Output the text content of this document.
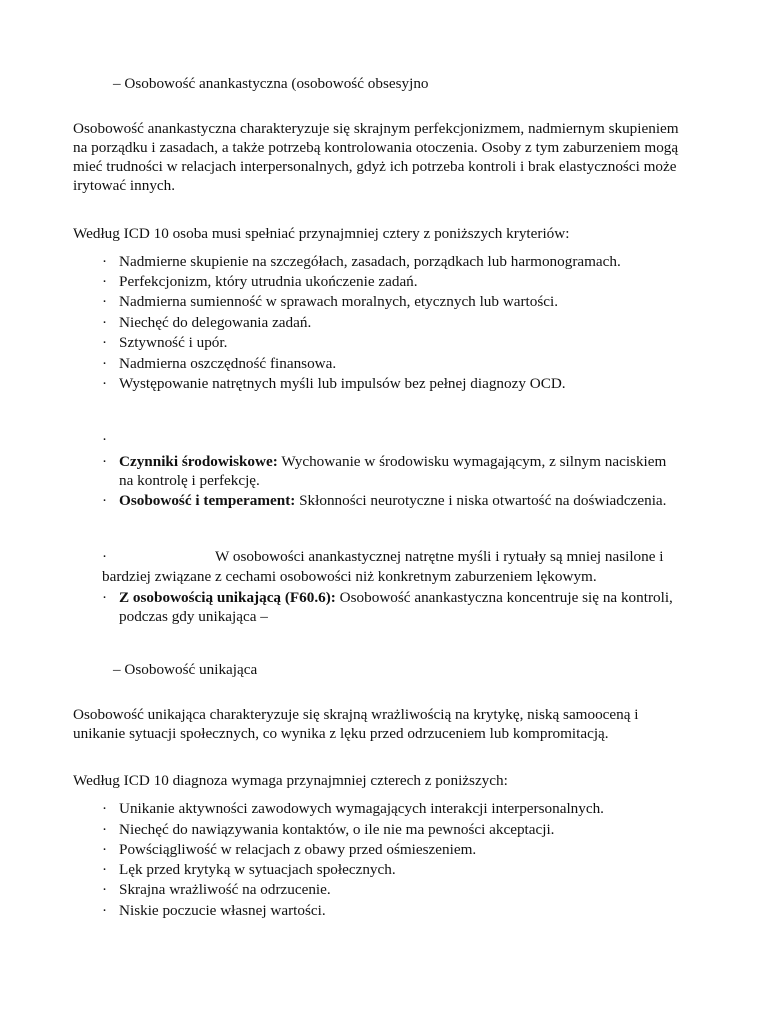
– Osobowość anankastyczna (osobowość obsesyjno
Osobowość anankastyczna charakteryzuje się skrajnym perfekcjonizmem, nadmiernym skupieniem
na porządku i zasadach, a także potrzebą kontrolowania otoczenia. Osoby z tym zaburzeniem mogą
mieć trudności w relacjach interpersonalnych, gdyż ich potrzeba kontroli i brak elastyczności może
irytować innych.
Według ICD 10 osoba musi spełniać przynajmniej cztery z poniższych kryteriów:
· Nadmierne skupienie na szczegółach, zasadach, porządkach lub harmonogramach.
· Perfekcjonizm, który utrudnia ukończenie zadań.
· Nadmierna sumienność w sprawach moralnych, etycznych lub wartości.
· Niechęć do delegowania zadań.
· Sztywność i upór.
· Nadmierna oszczędność finansowa.
· Występowanie natrętnych myśli lub impulsów bez pełnej diagnozy OCD.
·
· Czynniki środowiskowe: Wychowanie w środowisku wymagającym, z silnym naciskiem
na kontrolę i perfekcję.
· Osobowość i temperament: Skłonności neurotyczne i niska otwartość na doświadczenia.
·	W osobowości anankastycznej natrętne myśli i rytuały są mniej nasilone i
bardziej związane z cechami osobowości niż konkretnym zaburzeniem lękowym.
· Z osobowością unikającą (F60.6): Osobowość anankastyczna koncentruje się na kontroli,
podczas gdy unikająca –
– Osobowość unikająca
Osobowość unikająca charakteryzuje się skrajną wrażliwością na krytykę, niską samooceną i
unikanie sytuacji społecznych, co wynika z lęku przed odrzuceniem lub kompromitacją.
Według ICD 10 diagnoza wymaga przynajmniej czterech z poniższych:
· Unikanie aktywności zawodowych wymagających interakcji interpersonalnych.
· Niechęć do nawiązywania kontaktów, o ile nie ma pewności akceptacji.
· Powściągliwość w relacjach z obawy przed ośmieszeniem.
· Lęk przed krytyką w sytuacjach społecznych.
· Skrajna wrażliwość na odrzucenie.
· Niskie poczucie własnej wartości.
